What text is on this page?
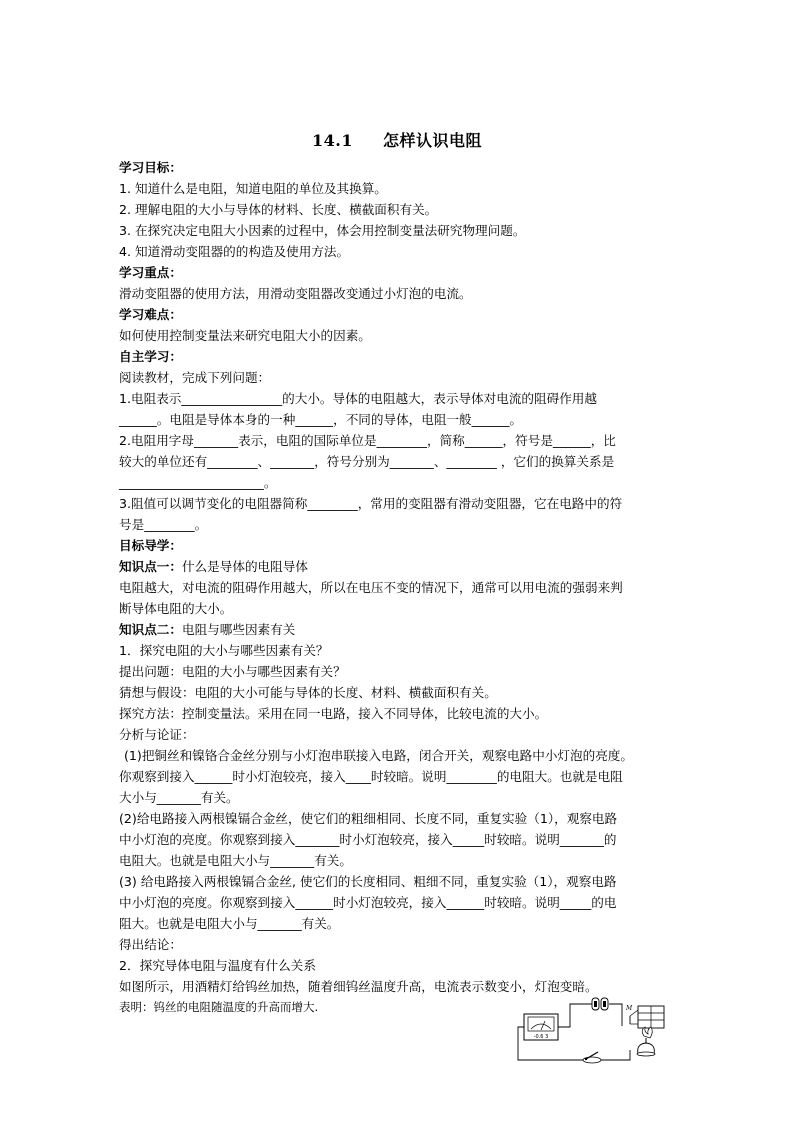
14.1 怎样认识电阻
学习目标：
1. 知道什么是电阻，知道电阻的单位及其换算。
2. 理解电阻的大小与导体的材料、长度、横截面积有关。
3. 在探究决定电阻大小因素的过程中，体会用控制变量法研究物理问题。
4. 知道滑动变阻器的的构造及使用方法。
学习重点：
滑动变阻器的使用方法，用滑动变阻器改变通过小灯泡的电流。
学习难点：
如何使用控制变量法来研究电阻大小的因素。
自主学习：
阅读教材，完成下列问题：
1.电阻表示________________的大小。导体的电阻越大，表示导体对电流的阻碍作用越
______。电阻是导体本身的一种______，不同的导体，电阻一般______。
2.电阻用字母_______表示，电阻的国际单位是________，简称______，符号是______，比
较大的单位还有________、_______，符号分别为_______、________ ，它们的换算关系是
_______________________。
3.阻值可以调节变化的电阻器简称________，常用的变阻器有滑动变阻器，它在电路中的符
号是________。
目标导学：
知识点一：什么是导体的电阻导体
电阻越大，对电流的阻碍作用越大，所以在电压不变的情况下，通常可以用电流的强弱来判
断导体电阻的大小。
知识点二：电阻与哪些因素有关
1．探究电阻的大小与哪些因素有关？
提出问题：电阻的大小与哪些因素有关？
猜想与假设：电阻的大小可能与导体的长度、材料、横截面积有关。
探究方法：控制变量法。采用在同一电路，接入不同导体，比较电流的大小。
分析与论证：
(1)把铜丝和镍铬合金丝分别与小灯泡串联接入电路，闭合开关，观察电路中小灯泡的亮度。
你观察到接入______时小灯泡较亮，接入____时较暗。说明________的电阻大。也就是电阻
大小与_______有关。
(2)给电路接入两根镍镉合金丝，使它们的粗细相同、长度不同，重复实验（1），观察电路
中小灯泡的亮度。你观察到接入_______时小灯泡较亮，接入_____时较暗。说明_______的
电阻大。也就是电阻大小与_______有关。
(3) 给电路接入两根镍镉合金丝, 使它们的长度相同、粗细不同，重复实验（1），观察电路
中小灯泡的亮度。你观察到接入______时小灯泡较亮，接入______时较暗。说明_____的电
阻大。也就是电阻大小与_______有关。
得出结论：
2．探究导体电阻与温度有什么关系
如图所示，用酒精灯给钨丝加热，随着细钨丝温度升高，电流表示数变小，灯泡变暗。
表明：钨丝的电阻随温度的升高而增大.
-0.6 3
M
